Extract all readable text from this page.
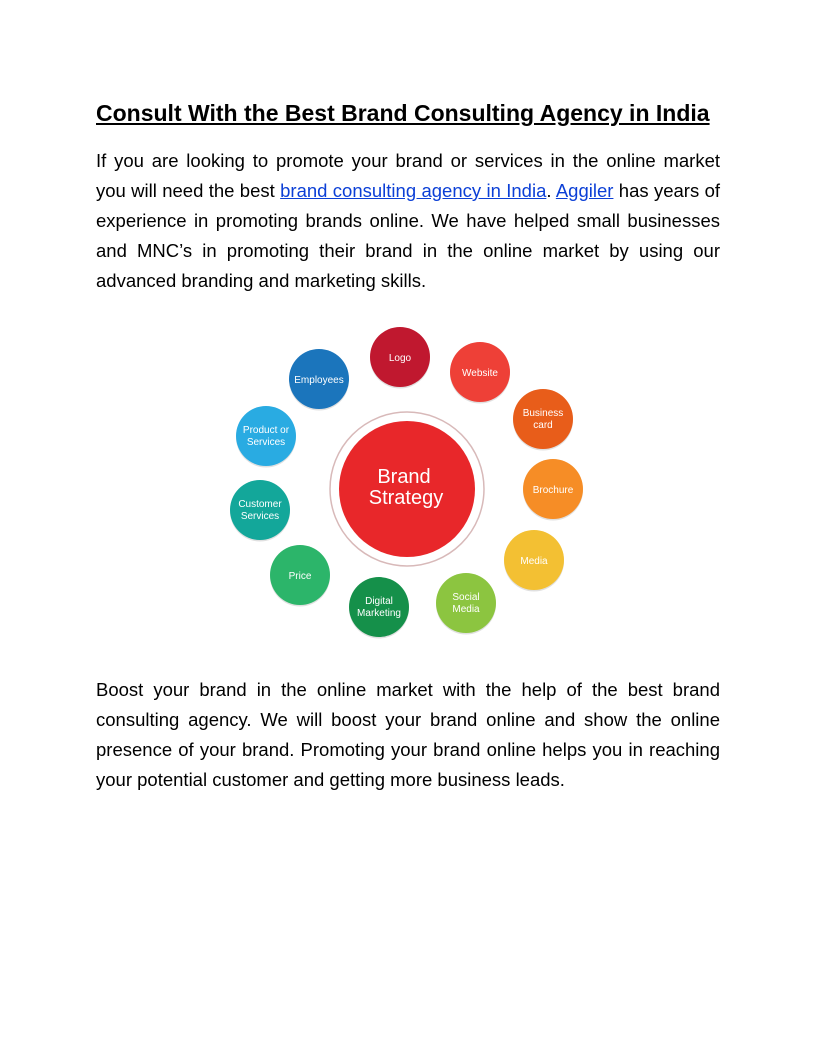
Consult With the Best Brand Consulting Agency in India

If you are looking to promote your brand or services in the online market you will need the best brand consulting agency in India. Aggiler has years of experience in promoting brands online. We have helped small businesses and MNC’s in promoting their brand in the online market by using our advanced branding and marketing skills.

Brand
Strategy
Logo
Website
Business
card
Brochure
Media
Social
Media
Digital
Marketing
Price
Customer
Services
Product or
Services
Employees

Boost your brand in the online market with the help of the best brand consulting agency. We will boost your brand online and show the online presence of your brand. Promoting your brand online helps you in reaching your potential customer and getting more business leads.
